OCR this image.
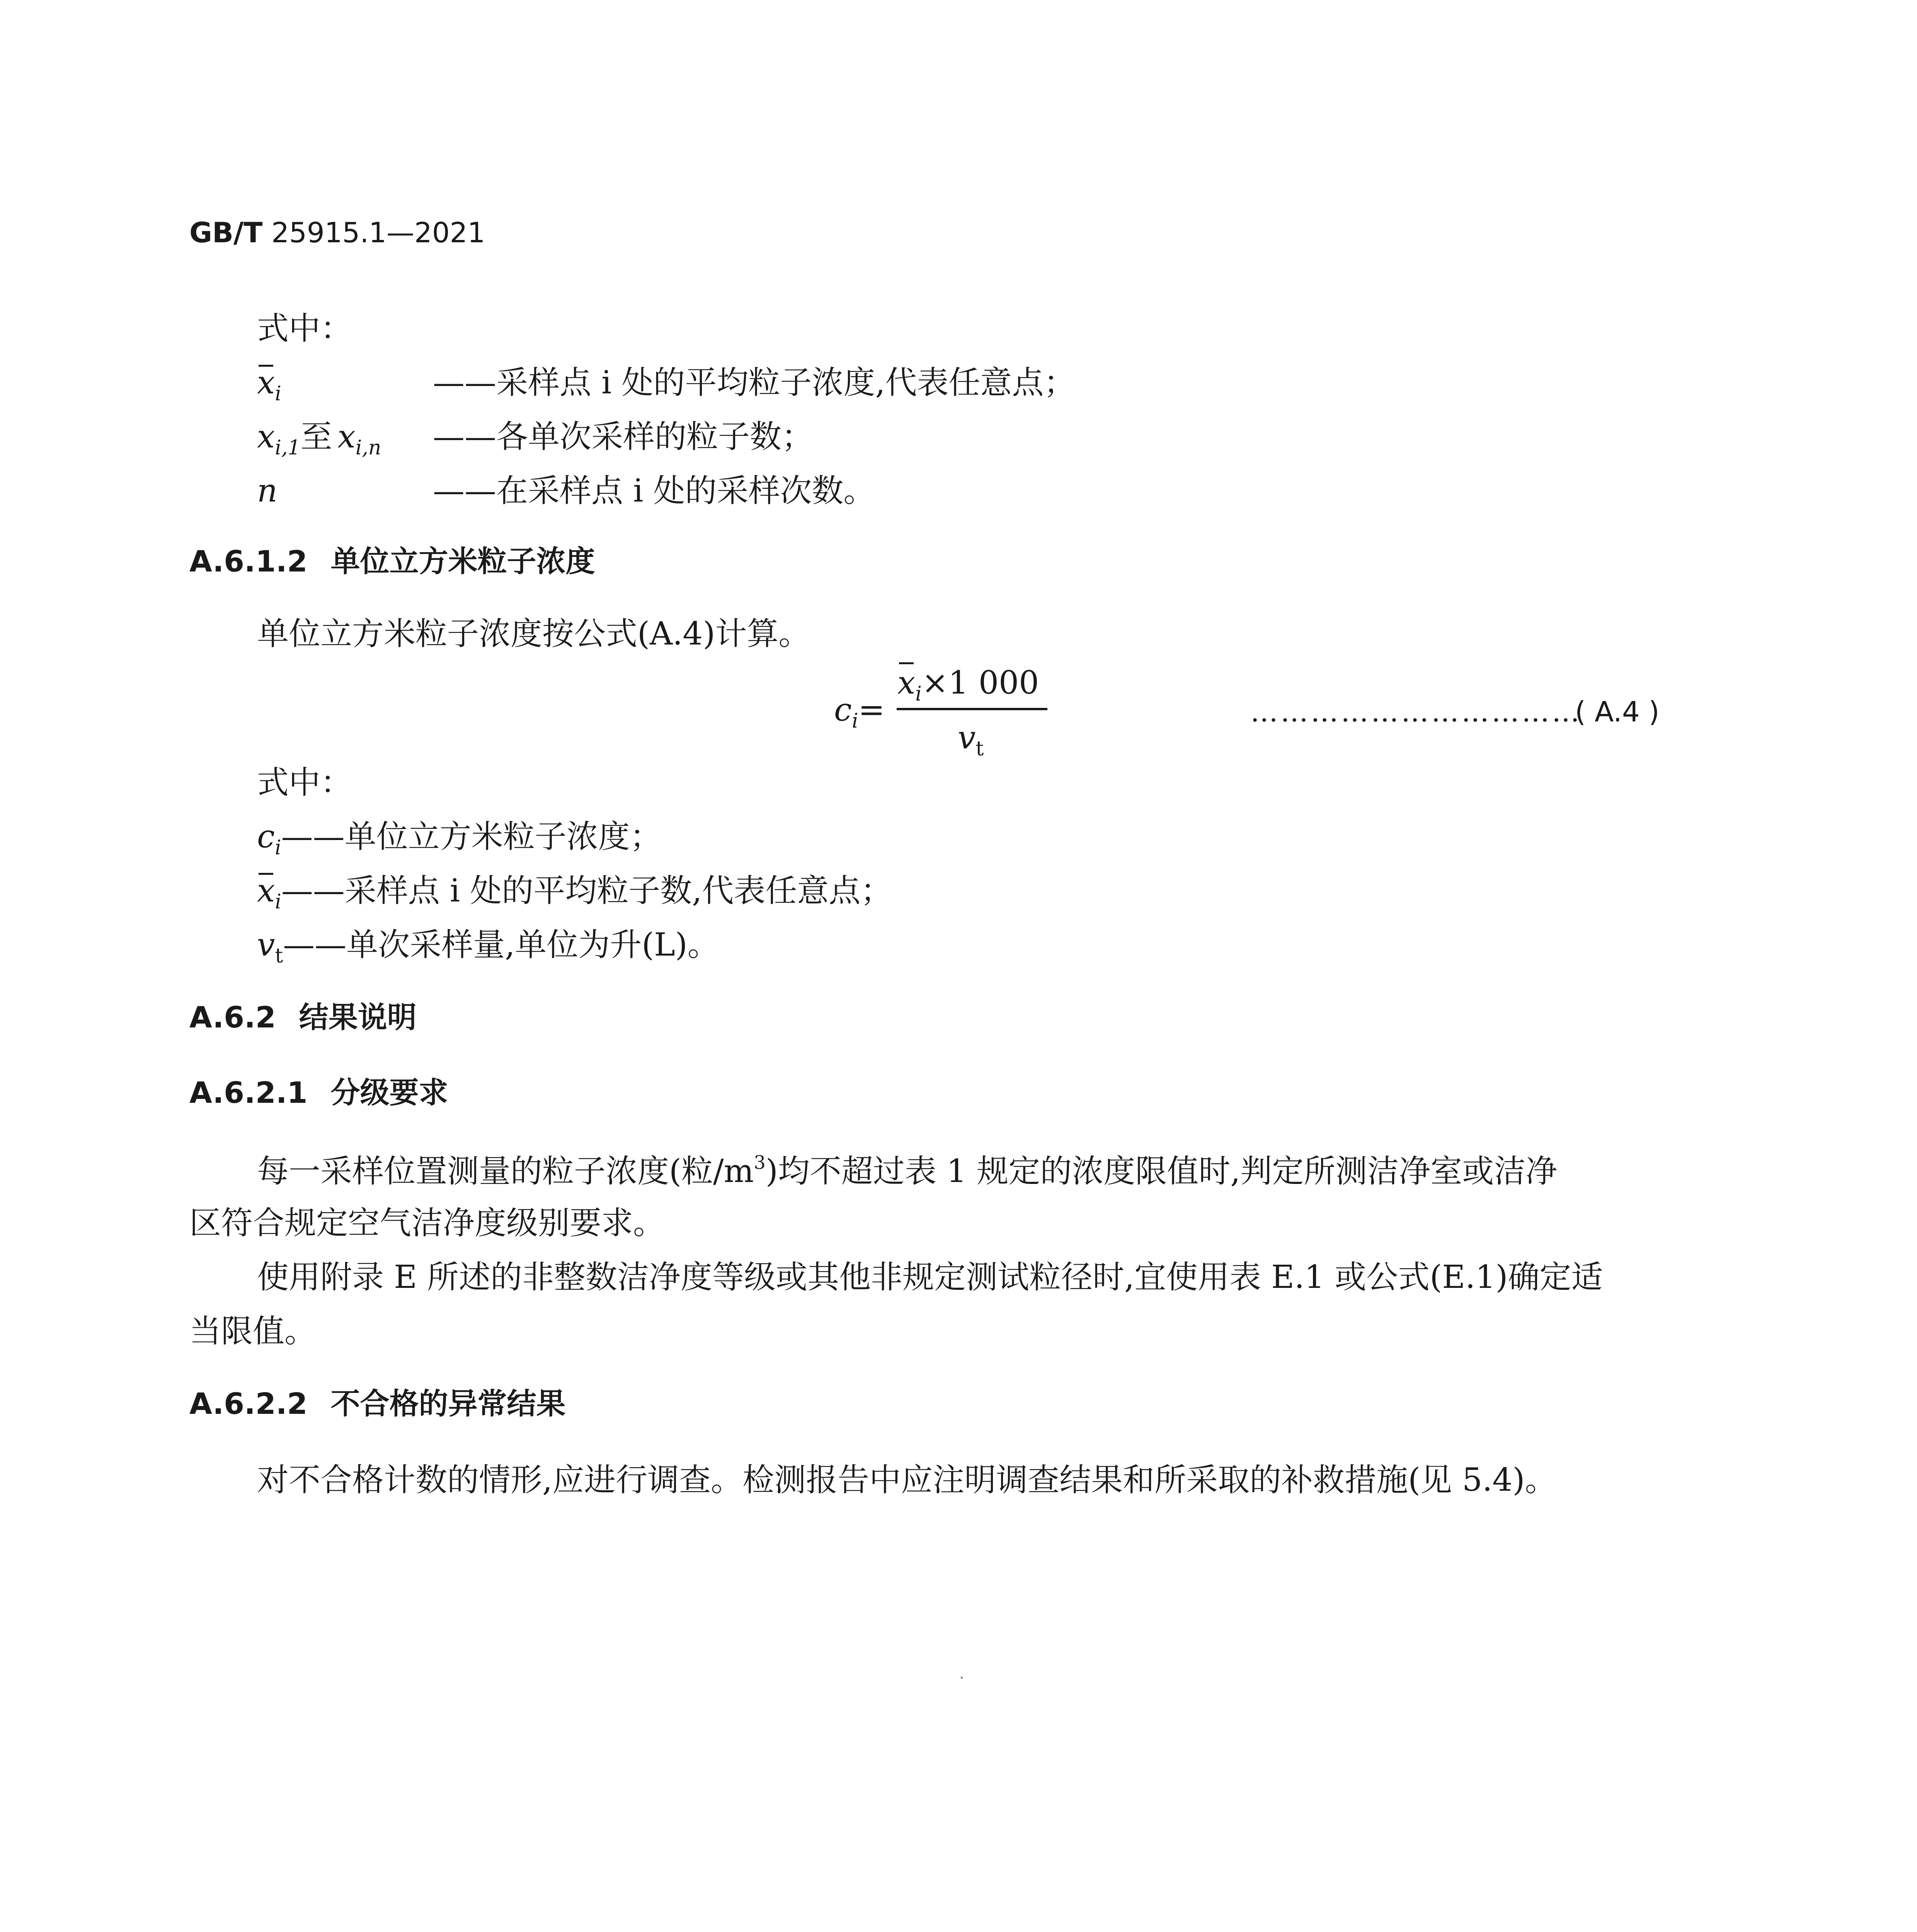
GB/T 25915.1—2021
式中：
$x_i$	——采样点 i 处的平均粒子浓度,代表任意点；
$x_{i,1}$至 $x_{i,n}$ ——各单次采样的粒子数；
n	——在采样点 i 处的采样次数。
A.6.1.2 单位立方米粒子浓度
单位立方米粒子浓度按公式(A.4)计算。
$c_i=$
$x_i\times 1$ 000
$v_t$
……………………………
( A.4 )
式中：
$c_i——$单位立方米粒子浓度；
$x_i——$采样点 i 处的平均粒子数,代表任意点；
$v_t——$单次采样量,单位为升(L)。
A.6.2 结果说明
A.6.2.1 分级要求
每一采样位置测量的粒子浓度(粒$/m^3$)均不超过表 1 规定的浓度限值时,判定所测洁净室或洁净
区符合规定空气洁净度级别要求。
使用附录 E 所述的非整数洁净度等级或其他非规定测试粒径时,宜使用表 E.1 或公式(E.1)确定适
当限值。
A.6.2.2 不合格的异常结果
对不合格计数的情形,应进行调查。检测报告中应注明调查结果和所采取的补救措施(见 5.4)。
·
